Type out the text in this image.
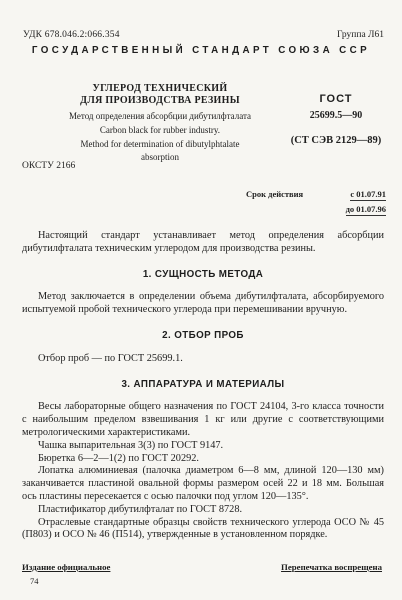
УДК 678.046.2:066.354	Группа Л61
ГОСУДАРСТВЕННЫЙ СТАНДАРТ СОЮЗА ССР
УГЛЕРОД ТЕХНИЧЕСКИЙ
ДЛЯ ПРОИЗВОДСТВА РЕЗИНЫ
Метод определения абсорбции дибутилфталата
Carbon black for rubber industry.
Method for determination of dibutylphtalate
absorption
ГОСТ
25699.5—90
(СТ СЭВ 2129—89)
ОКСТУ 2166
Срок действия	с 01.07.91
до 01.07.96

Настоящий стандарт устанавливает метод определения абсорбции дибутилфталата техническим углеродом для производства резины.

1. СУЩНОСТЬ МЕТОДА

Метод заключается в определении объема дибутилфталата, абсорбируемого испытуемой пробой технического углерода при перемешивании вручную.

2. ОТБОР ПРОБ

Отбор проб — по ГОСТ 25699.1.

3. АППАРАТУРА И МАТЕРИАЛЫ

Весы лабораторные общего назначения по ГОСТ 24104, 3-го класса точности с наибольшим пределом взвешивания 1 кг или другие с соответствующими метрологическими характеристиками.

Чашка выпарительная 3(3) по ГОСТ 9147.

Бюретка 6—2—1(2) по ГОСТ 20292.

Лопатка алюминиевая (палочка диаметром 6—8 мм, длиной 120—130 мм) заканчивается пластиной овальной формы размером осей 22 и 18 мм. Большая ось пластины пересекается с осью палочки под углом 120—135°.

Пластификатор дибутилфталат по ГОСТ 8728.

Отраслевые стандартные образцы свойств технического углерода ОСО № 45 (П803) и ОСО № 46 (П514), утвержденные в установленном порядке.

Издание официальное	Перепечатка воспрещена
74
